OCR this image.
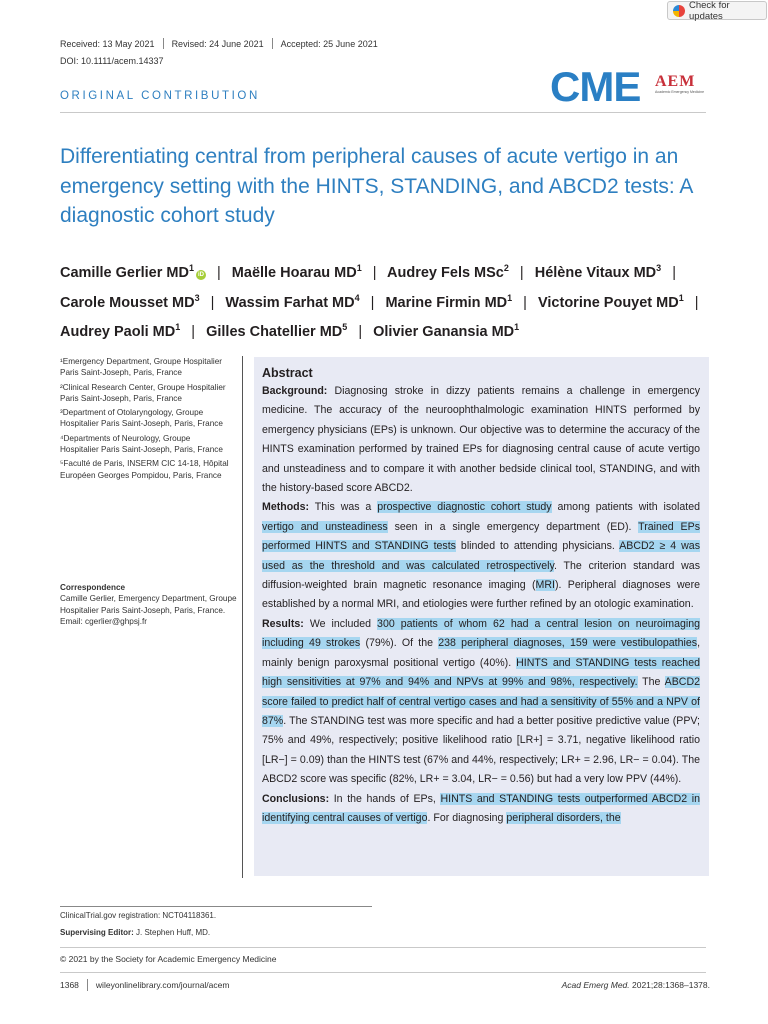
Check for updates
Received: 13 May 2021 Revised: 24 June 2021 Accepted: 25 June 2021
DOI: 10.1111/acem.14337
ORIGINAL CONTRIBUTION	CME AEM
Academic Emergency Medicine
Differentiating central from peripheral causes of acute vertigo in an emergency setting with the HINTS, STANDING, and ABCD2 tests: A diagnostic cohort study
Camille Gerlier $MD^1iD$ | Maëlle Hoarau $MD^1$ | Audrey Fels MSc$^2$ | Hélène Vitaux $MD^3$ | Carole Mousset $MD^3$ | Wassim Farhat $MD^4$ | Marine Firmin $MD^1$ | Victorine Pouyet $MD^1$ | Audrey Paoli $MD^1$ | Gilles Chatellier $MD^5$ | Olivier Ganansia $MD^1$

¹Emergency Department, Groupe Hospitalier Paris Saint-Joseph, Paris, France

²Clinical Research Center, Groupe Hospitalier Paris Saint-Joseph, Paris, France

³Department of Otolaryngology, Groupe Hospitalier Paris Saint-Joseph, Paris, France

⁴Departments of Neurology, Groupe Hospitalier Paris Saint-Joseph, Paris, France

⁵Faculté de Paris, INSERM CIC 14-18, Hôpital Européen Georges Pompidou, Paris, France

Correspondence
Camille Gerlier, Emergency Department, Groupe Hospitalier Paris Saint-Joseph, Paris, France.
Email: cgerlier@ghpsj.fr
Abstract
Background: Diagnosing stroke in dizzy patients remains a challenge in emergency medicine. The accuracy of the neuroophthalmologic examination HINTS performed by emergency physicians (EPs) is unknown. Our objective was to determine the accuracy of the HINTS examination performed by trained EPs for diagnosing central cause of acute vertigo and unsteadiness and to compare it with another bedside clinical tool, STANDING, and with the history-based score ABCD2.
Methods: This was a prospective diagnostic cohort study among patients with isolated vertigo and unsteadiness seen in a single emergency department (ED). Trained EPs performed HINTS and STANDING tests blinded to attending physicians. ABCD2 ≥ 4 was used as the threshold and was calculated retrospectively. The criterion standard was diffusion-weighted brain magnetic resonance imaging (MRI). Peripheral diagnoses were established by a normal MRI, and etiologies were further refined by an otologic examination.
Results: We included 300 patients of whom 62 had a central lesion on neuroimaging including 49 strokes (79%). Of the 238 peripheral diagnoses, 159 were vestibulopathies, mainly benign paroxysmal positional vertigo (40%). HINTS and STANDING tests reached high sensitivities at 97% and 94% and NPVs at 99% and 98%, respectively. The ABCD2 score failed to predict half of central vertigo cases and had a sensitivity of 55% and a NPV of 87%. The STANDING test was more specific and had a better positive predictive value (PPV; 75% and 49%, respectively; positive likelihood ratio [LR+] = 3.71, negative likelihood ratio [LR−] = 0.09) than the HINTS test (67% and 44%, respectively; LR+ = 2.96, LR− = 0.04). The ABCD2 score was specific (82%, LR+ = 3.04, LR− = 0.56) but had a very low PPV (44%).
Conclusions: In the hands of EPs, HINTS and STANDING tests outperformed ABCD2 in identifying central causes of vertigo. For diagnosing peripheral disorders, the
ClinicalTrial.gov registration: NCT04118361.
Supervising Editor: J. Stephen Huff, MD.
© 2021 by the Society for Academic Emergency Medicine
1368 wileyonlinelibrary.com/journal/acem	Acad Emerg Med. 2021;28:1368–1378.
